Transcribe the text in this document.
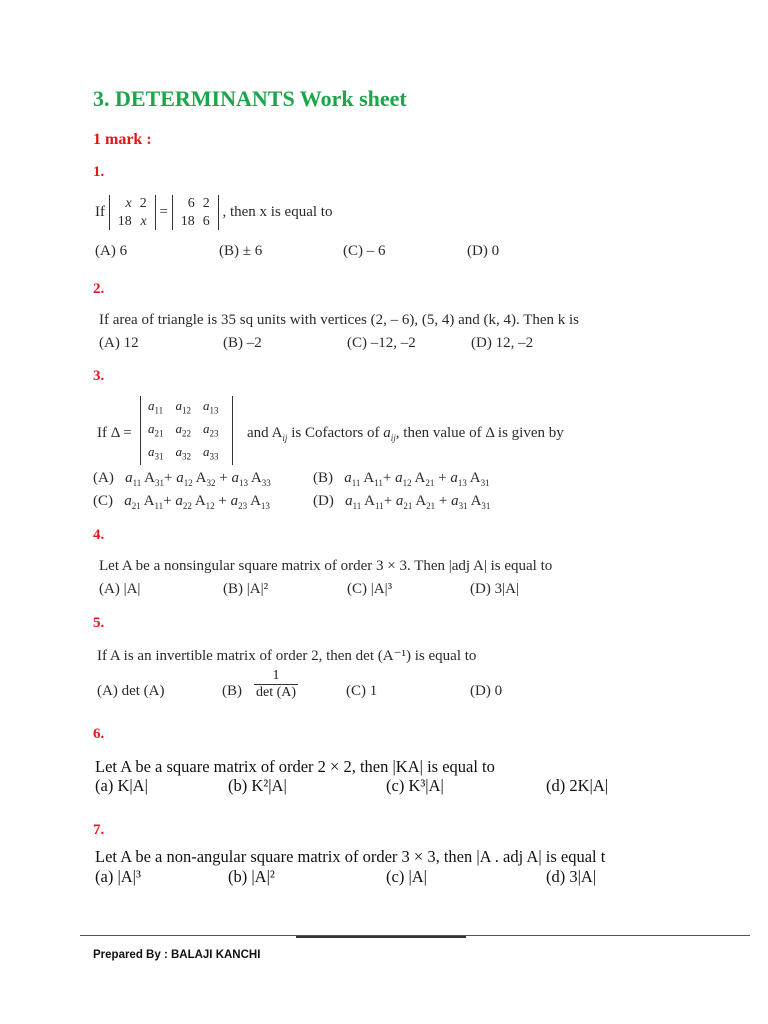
3. DETERMINANTS Work sheet
1 mark :
1.
If
x	2
18	x
=
6	2
18	6
, then x is equal to
(A) 6	(B) ± 6	(C) – 6	(D) 0
2.
If area of triangle is 35 sq units with vertices (2, – 6), (5, 4) and (k, 4). Then k is
(A) 12	(B) –2	(C) –12, –2	(D) 12, –2
3.
If Δ =
$a_{11}$	$a_{12}$	$a_{13}$
$a_{21}$	$a_{22}$	$a_{23}$
$a_{31}$	$a_{32}$	$a_{33}$
and $A_{ij}$ is Cofactors of $a_{ij}$, then value of Δ is given by
(A)   $a_{11}$ $A_{31}+ a_{12}$ $A_{32} + a_{13}$ $A_{33}$	(B)   $a_{11}$ $A_{11}+ a_{12}$ $A_{21} + a_{13}$ $A_{31}$
(C)   $a_{21}$ $A_{11}+ a_{22}$ $A_{12} + a_{23}$ $A_{13}$	(D)   $a_{11}$ $A_{11}+ a_{21}$ $A_{21} + a_{31}$ $A_{31}$
4.
Let A be a nonsingular square matrix of order 3 × 3. Then |adj A| is equal to
(A) |A|	(B) |A|²	(C) |A|³	(D) 3|A|
5.
If A is an invertible matrix of order 2, then det (A⁻¹) is equal to
(A) det (A)	$(B) \frac{1}{\det (A)}$	(C) 1	(D) 0
6.
Let A be a square matrix of order 2 × 2, then |KA| is equal to
(a) K|A|	(b) K²|A|	(c) K³|A|	(d) 2K|A|
7.
Let A be a non-angular square matrix of order 3 × 3, then |A . adj A| is equal t
(a) |A|³	(b) |A|²	(c) |A|	(d) 3|A|
Prepared By : BALAJI KANCHI
